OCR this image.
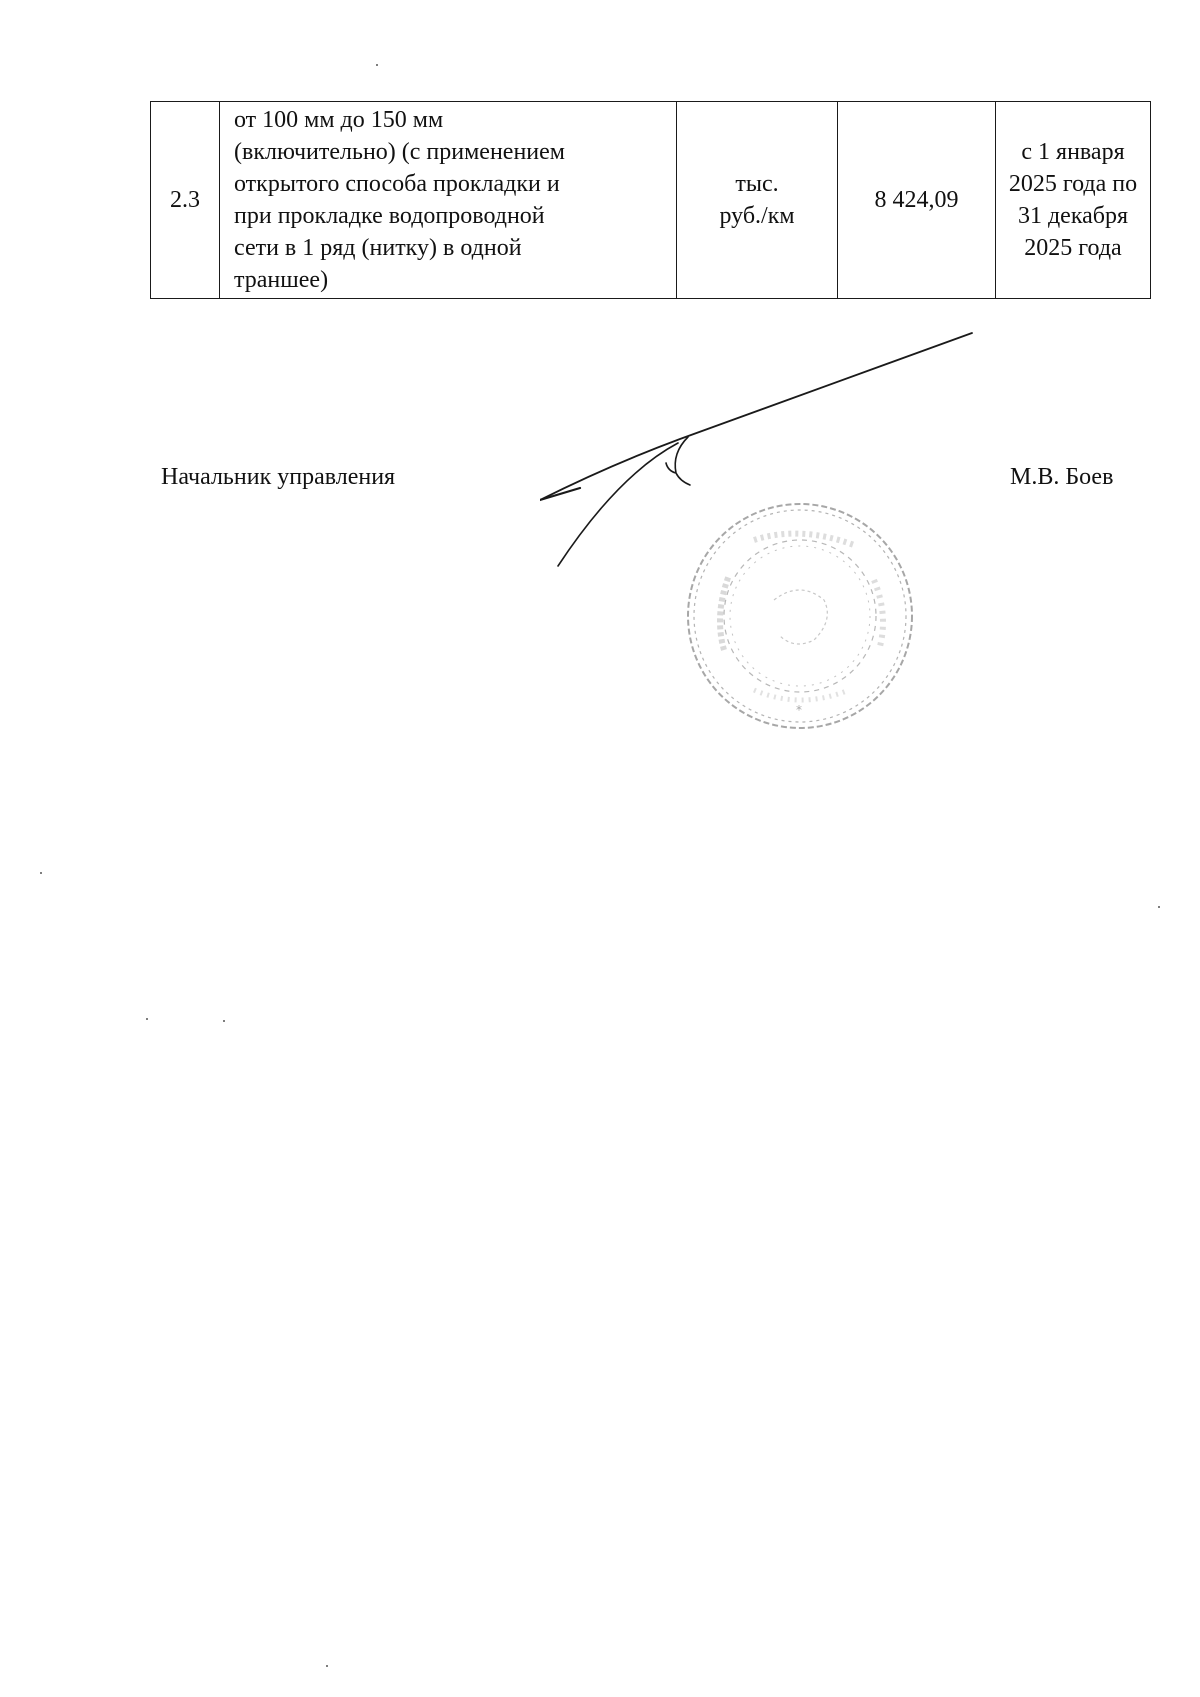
2.3	от 100 мм до 150 мм
(включительно) (с применением
открытого способа прокладки и
при прокладке водопроводной
сети в 1 ряд (нитку) в одной
траншее)	тыс.
руб./км	8 424,09	с 1 января
2025 года по
31 декабря
2025 года
Начальник управления
*
М.В. Боев
